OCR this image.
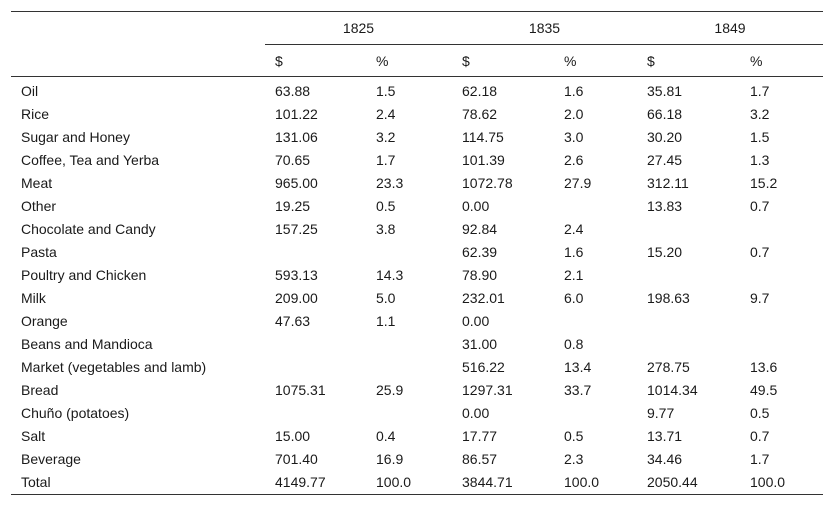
	1825		1835		1849	
	$	%	$	%	$	%
Oil	63.88	1.5	62.18	1.6	35.81	1.7
Rice	101.22	2.4	78.62	2.0	66.18	3.2
Sugar and Honey	131.06	3.2	114.75	3.0	30.20	1.5
Coffee, Tea and Yerba	70.65	1.7	101.39	2.6	27.45	1.3
Meat	965.00	23.3	1072.78	27.9	312.11	15.2
Other	19.25	0.5	0.00		13.83	0.7
Chocolate and Candy	157.25	3.8	92.84	2.4		
Pasta			62.39	1.6	15.20	0.7
Poultry and Chicken	593.13	14.3	78.90	2.1		
Milk	209.00	5.0	232.01	6.0	198.63	9.7
Orange	47.63	1.1	0.00			
Beans and Mandioca			31.00	0.8		
Market (vegetables and lamb)			516.22	13.4	278.75	13.6
Bread	1075.31	25.9	1297.31	33.7	1014.34	49.5
Chuño (potatoes)			0.00		9.77	0.5
Salt	15.00	0.4	17.77	0.5	13.71	0.7
Beverage	701.40	16.9	86.57	2.3	34.46	1.7
Total	4149.77	100.0	3844.71	100.0	2050.44	100.0
